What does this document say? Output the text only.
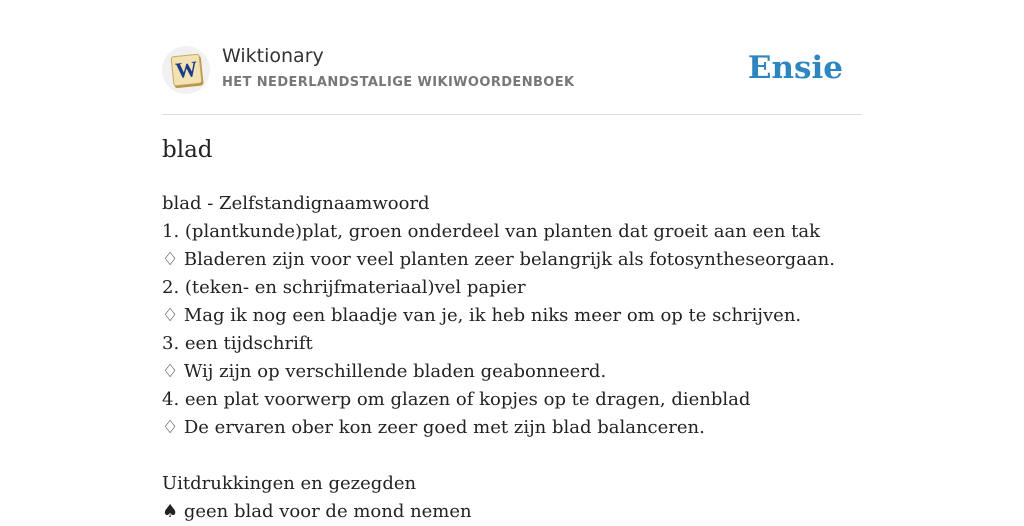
W Wiktionary
HET NEDERLANDSTALIGE WIKIWOORDENBOEK	Ensie
blad
blad - Zelfstandignaamwoord
1. (plantkunde)plat, groen onderdeel van planten dat groeit aan een tak
♢ Bladeren zijn voor veel planten zeer belangrijk als fotosyntheseorgaan.
2. (teken- en schrijfmateriaal)vel papier
♢ Mag ik nog een blaadje van je, ik heb niks meer om op te schrijven.
3. een tijdschrift
♢ Wij zijn op verschillende bladen geabonneerd.
4. een plat voorwerp om glazen of kopjes op te dragen, dienblad
♢ De ervaren ober kon zeer goed met zijn blad balanceren.
Uitdrukkingen en gezegden
♠ geen blad voor de mond nemen
